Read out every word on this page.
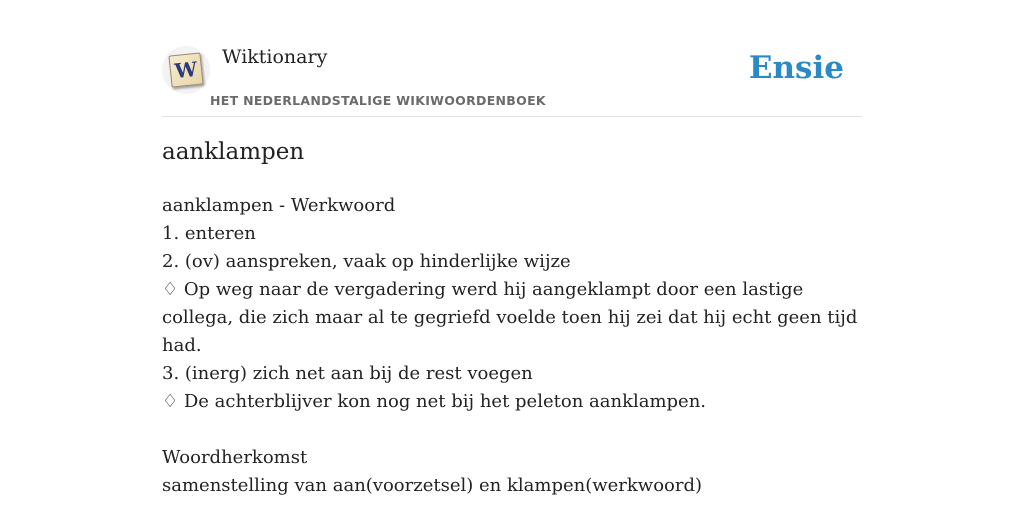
W Wiktionary
HET NEDERLANDSTALIGE WIKIWOORDENBOEK
Ensie
aanklampen
aanklampen - Werkwoord
1. enteren
2. (ov) aanspreken, vaak op hinderlijke wijze
♢ Op weg naar de vergadering werd hij aangeklampt door een lastige collega, die zich maar al te gegriefd voelde toen hij zei dat hij echt geen tijd had.
3. (inerg) zich net aan bij de rest voegen
♢ De achterblijver kon nog net bij het peleton aanklampen.
Woordherkomst
samenstelling van aan(voorzetsel) en klampen(werkwoord)
